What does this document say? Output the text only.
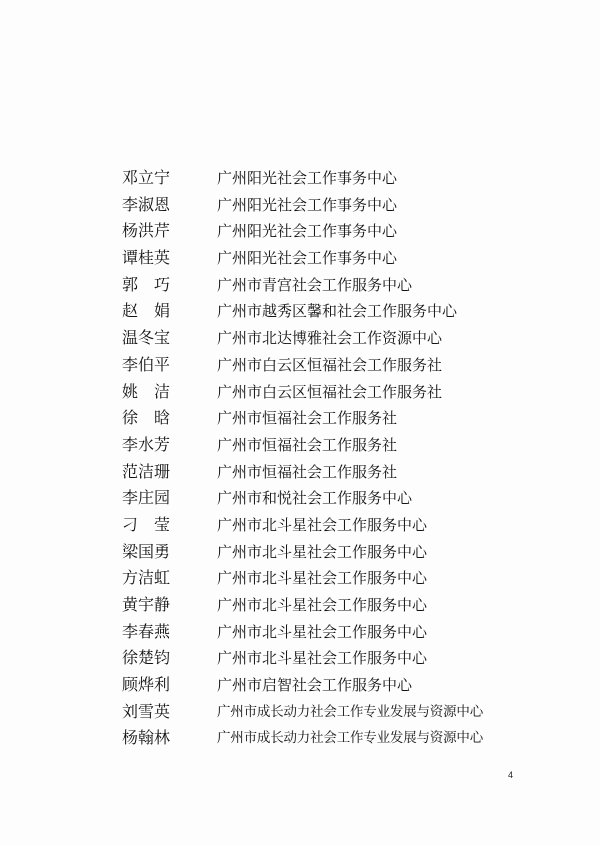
邓立宁	广州阳光社会工作事务中心
李淑恩	广州阳光社会工作事务中心
杨洪芹	广州阳光社会工作事务中心
谭桂英	广州阳光社会工作事务中心
郭　巧	广州市青宫社会工作服务中心
赵　娟	广州市越秀区馨和社会工作服务中心
温冬宝	广州市北达博雅社会工作资源中心
李伯平	广州市白云区恒福社会工作服务社
姚　洁	广州市白云区恒福社会工作服务社
徐　晗	广州市恒福社会工作服务社
李水芳	广州市恒福社会工作服务社
范洁珊	广州市恒福社会工作服务社
李庄园	广州市和悦社会工作服务中心
刁　莹	广州市北斗星社会工作服务中心
梁国勇	广州市北斗星社会工作服务中心
方洁虹	广州市北斗星社会工作服务中心
黄宇静	广州市北斗星社会工作服务中心
李春燕	广州市北斗星社会工作服务中心
徐楚钧	广州市北斗星社会工作服务中心
顾烨利	广州市启智社会工作服务中心
刘雪英	广州市成长动力社会工作专业发展与资源中心
杨翰林	广州市成长动力社会工作专业发展与资源中心
4
